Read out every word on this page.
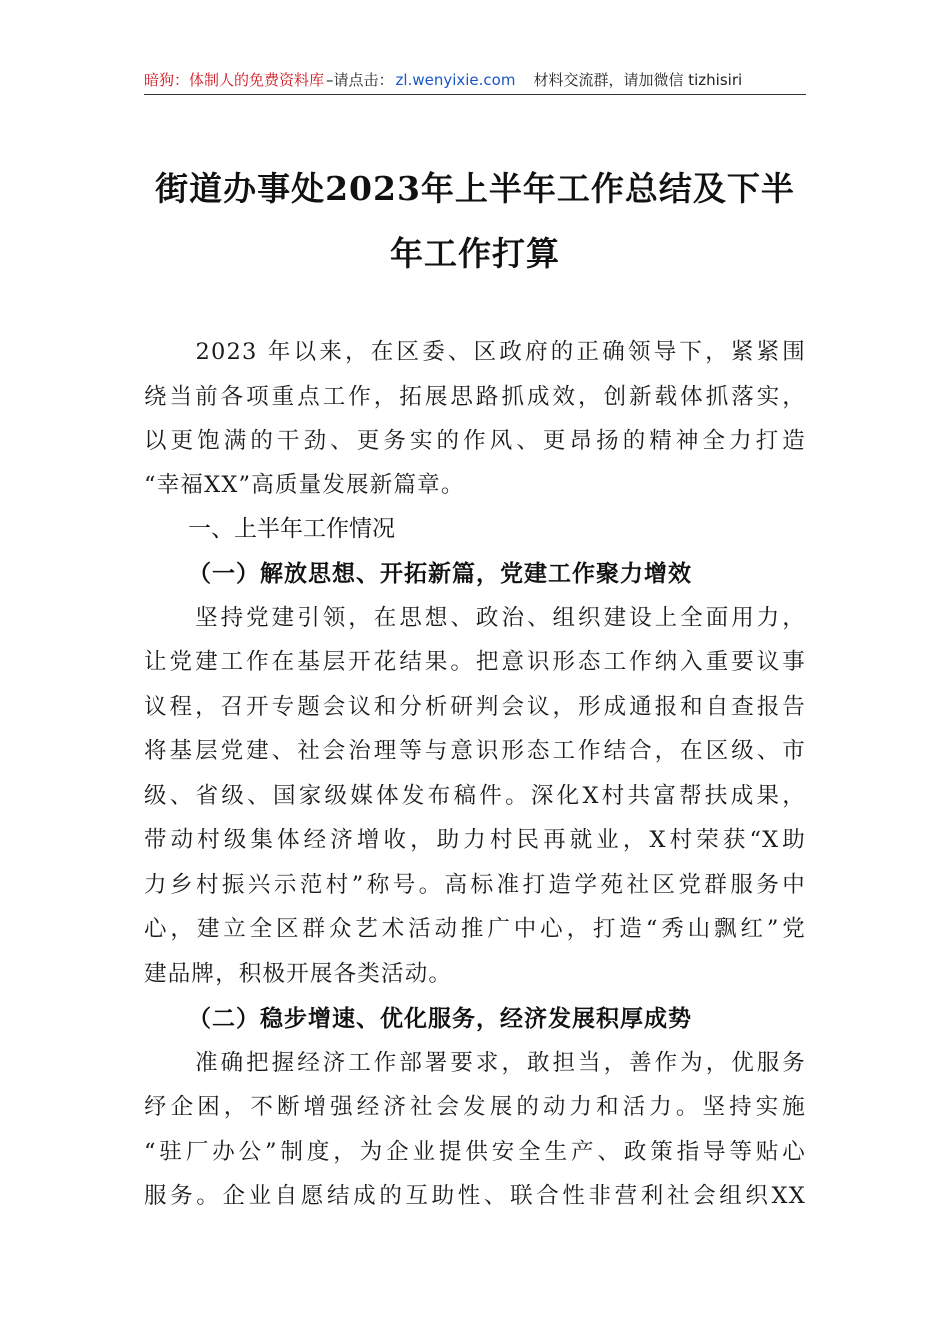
暗狗：体制人的免费资料库 –请点击： zl.wenyixie.com 材料交流群，请加微信 tizhisiri
街道办事处2023年上半年工作总结及下半
年工作打算
　　2023 年以来，在区委、区政府的正确领导下，紧紧围
绕当前各项重点工作，拓展思路抓成效，创新载体抓落实，
以更饱满的干劲、更务实的作风、更昂扬的精神全力打造
“幸福XX”高质量发展新篇章。
一、上半年工作情况
（一）解放思想、开拓新篇，党建工作聚力增效
　　坚持党建引领，在思想、政治、组织建设上全面用力，
让党建工作在基层开花结果。把意识形态工作纳入重要议事
议程，召开专题会议和分析研判会议，形成通报和自查报告
将基层党建、社会治理等与意识形态工作结合，在区级、市
级、省级、国家级媒体发布稿件。深化X村共富帮扶成果，
带动村级集体经济增收，助力村民再就业，X村荣获“X助
力乡村振兴示范村”称号。高标准打造学苑社区党群服务中
心，建立全区群众艺术活动推广中心，打造“秀山飘红”党
建品牌，积极开展各类活动。
（二）稳步增速、优化服务，经济发展积厚成势
　　准确把握经济工作部署要求，敢担当，善作为，优服务
纾企困，不断增强经济社会发展的动力和活力。坚持实施
“驻厂办公”制度，为企业提供安全生产、政策指导等贴心
服务。企业自愿结成的互助性、联合性非营利社会组织XX
